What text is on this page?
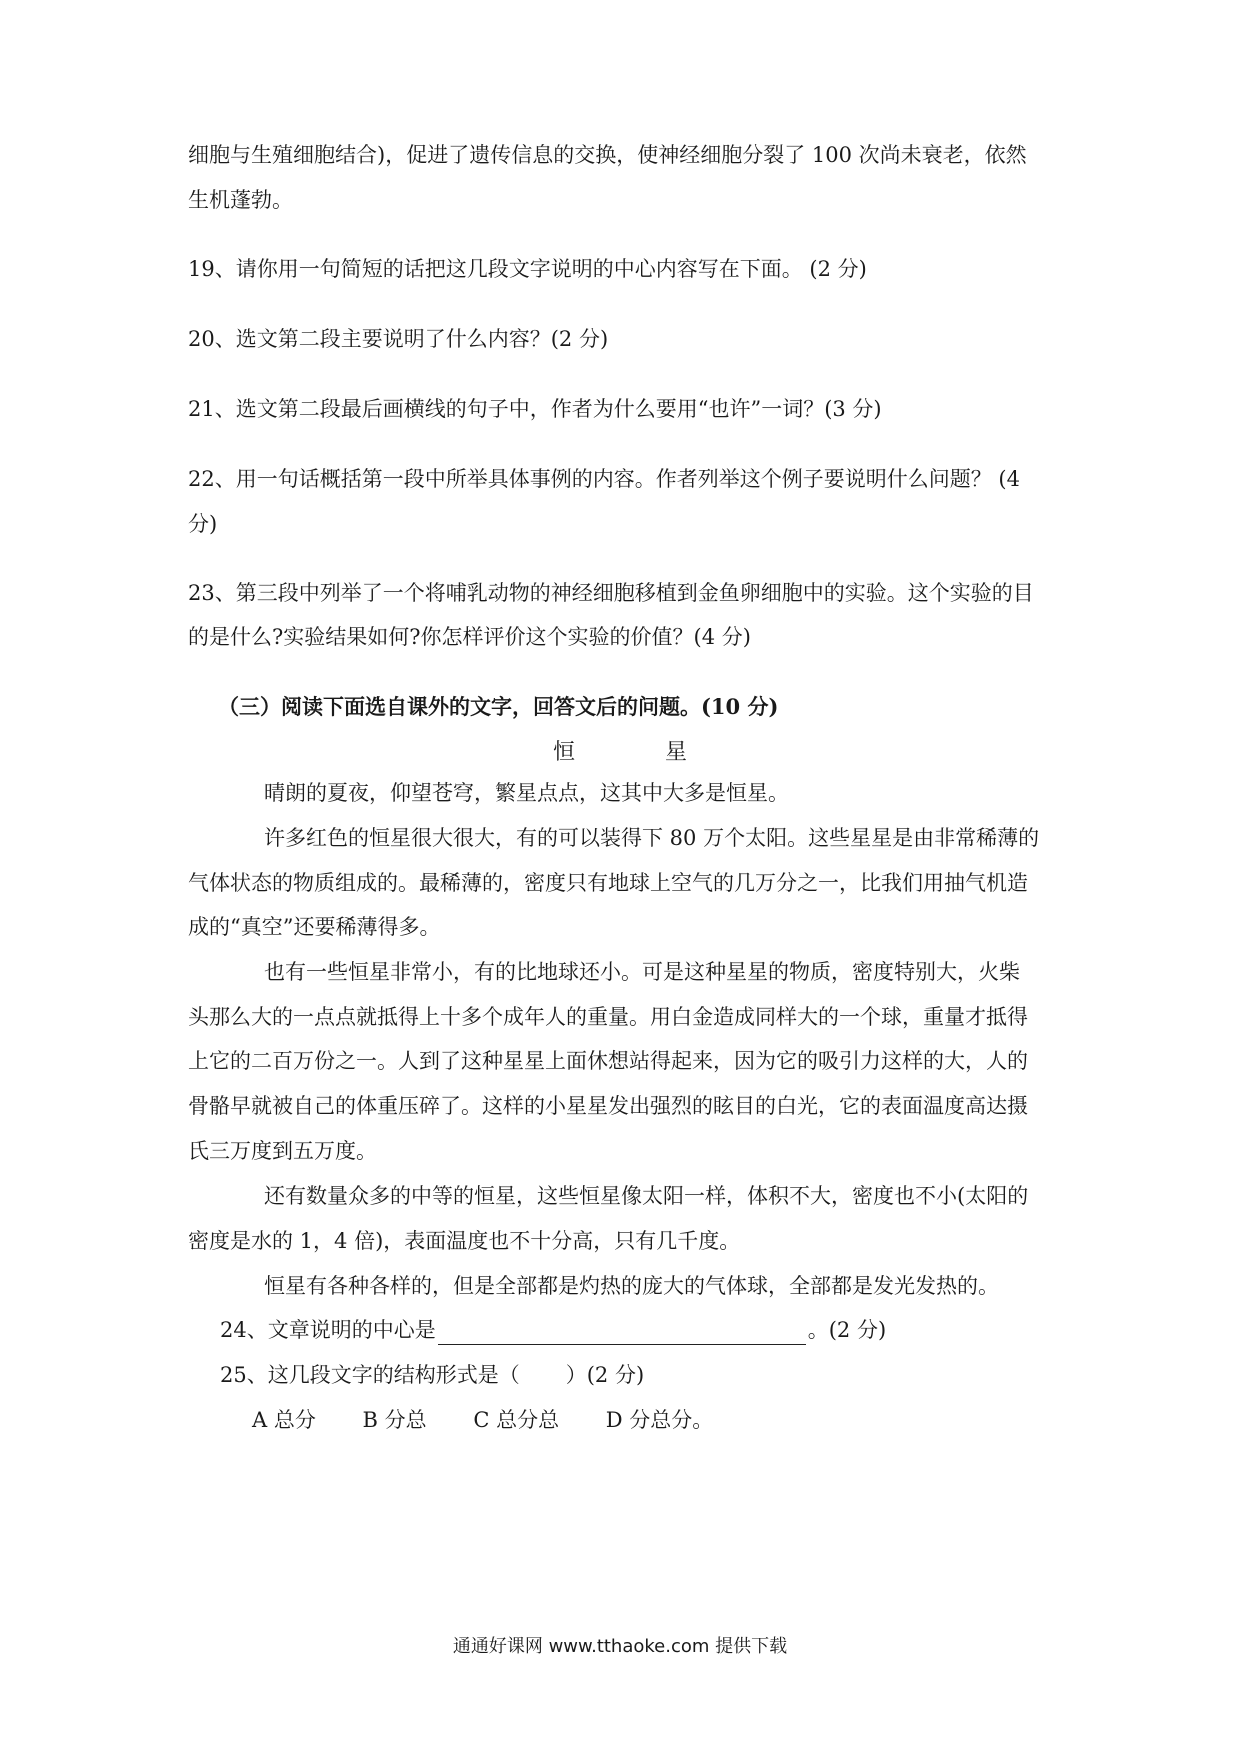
细胞与生殖细胞结合)，促进了遗传信息的交换，使神经细胞分裂了 100 次尚未衰老，依然
生机蓬勃。
19、请你用一句简短的话把这几段文字说明的中心内容写在下面。 (2 分)
20、选文第二段主要说明了什么内容？(2 分)
21、选文第二段最后画横线的句子中，作者为什么要用“也许”一词？(3 分)
22、用一句话概括第一段中所举具体事例的内容。作者列举这个例子要说明什么问题？ (4
分)
23、第三段中列举了一个将哺乳动物的神经细胞移植到金鱼卵细胞中的实验。这个实验的目
的是什么?实验结果如何?你怎样评价这个实验的价值？(4 分)
（三）阅读下面选自课外的文字，回答文后的问题。(10 分)
恒	星
晴朗的夏夜，仰望苍穹，繁星点点，这其中大多是恒星。
许多红色的恒星很大很大，有的可以装得下 80 万个太阳。这些星星是由非常稀薄的
气体状态的物质组成的。最稀薄的，密度只有地球上空气的几万分之一，比我们用抽气机造
成的“真空”还要稀薄得多。
也有一些恒星非常小，有的比地球还小。可是这种星星的物质，密度特别大，火柴
头那么大的一点点就抵得上十多个成年人的重量。用白金造成同样大的一个球，重量才抵得
上它的二百万份之一。人到了这种星星上面休想站得起来，因为它的吸引力这样的大，人的
骨骼早就被自己的体重压碎了。这样的小星星发出强烈的眩目的白光，它的表面温度高达摄
氏三万度到五万度。
还有数量众多的中等的恒星，这些恒星像太阳一样，体积不大，密度也不小(太阳的
密度是水的 1，4 倍)，表面温度也不十分高，只有几千度。
恒星有各种各样的，但是全部都是灼热的庞大的气体球，全部都是发光发热的。
24、文章说明的中心是	。(2 分)
25、这几段文字的结构形式是（ ）(2 分)
A 总分 B 分总 C 总分总 D 分总分。
通通好课网 www.tthaoke.com 提供下载
